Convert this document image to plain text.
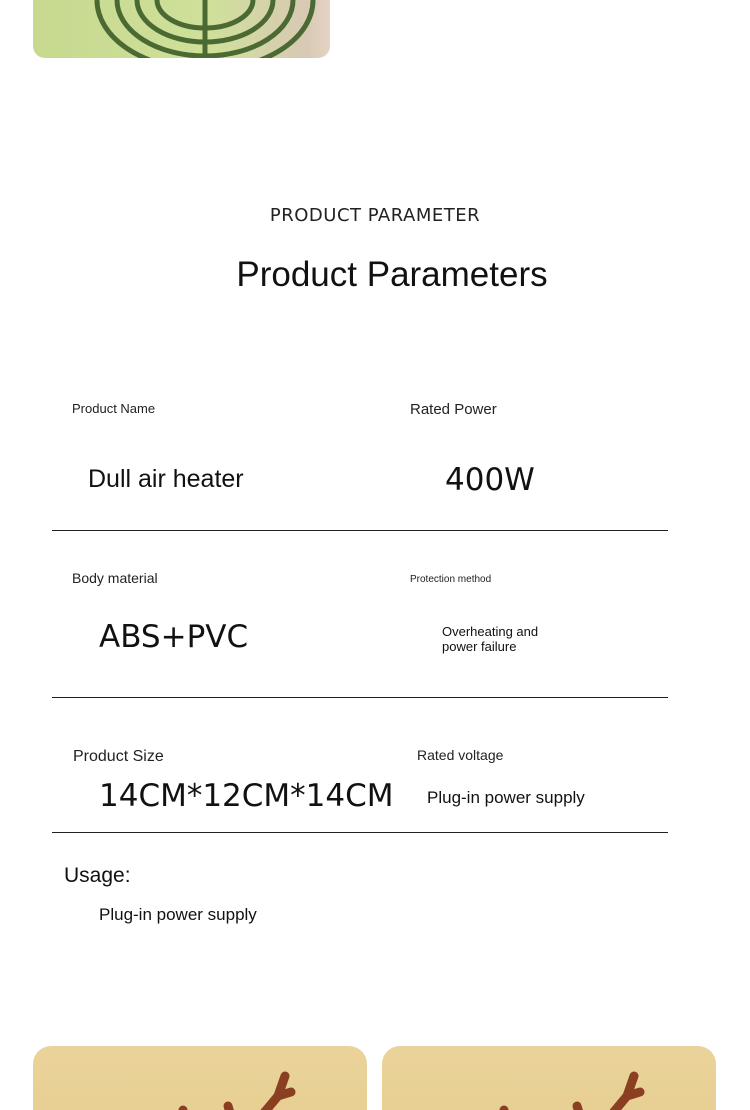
PRODUCT PARAMETER
Product Parameters
Product Name
Dull air heater
Rated Power
400W
Body material
ABS+PVC
Protection method
Overheating and
power failure
Product Size
14CM*12CM*14CM
Rated voltage
Plug-in power supply
Usage:
Plug-in power supply
